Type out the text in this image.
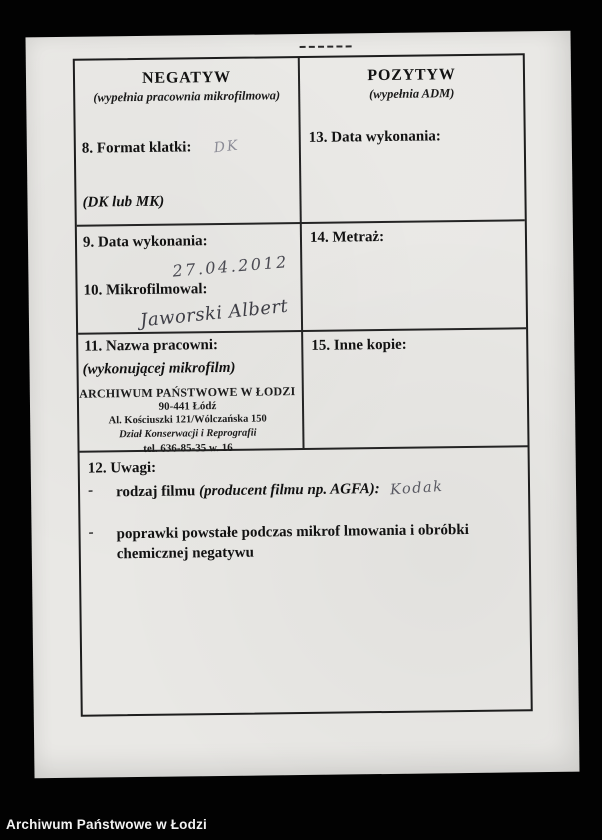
NEGATYW
(wypełnia pracownia mikrofilmowa)
8. Format klatki: DK
(DK lub MK)
POZYTYW
(wypełnia ADM)
13. Data wykonania:
9. Data wykonania:
27.04.2012
10. Mikrofilmowal:
Jaworski Albert
14. Metraż:
11. Nazwa pracowni:
(wykonującej mikrofilm)
ARCHIWUM PAŃSTWOWE W ŁODZI
90-441 Łódź
Al. Kościuszki 121/Wólczańska 150
Dział Konserwacji i Reprografii
tel. 636-85-35 w. 16
15. Inne kopie:
12. Uwagi:
-	rodzaj filmu (producent filmu np. AGFA): Kodak
-	poprawki powstałe podczas mikrof lmowania i obróbki chemicznej negatywu
Archiwum Państwowe w Łodzi
